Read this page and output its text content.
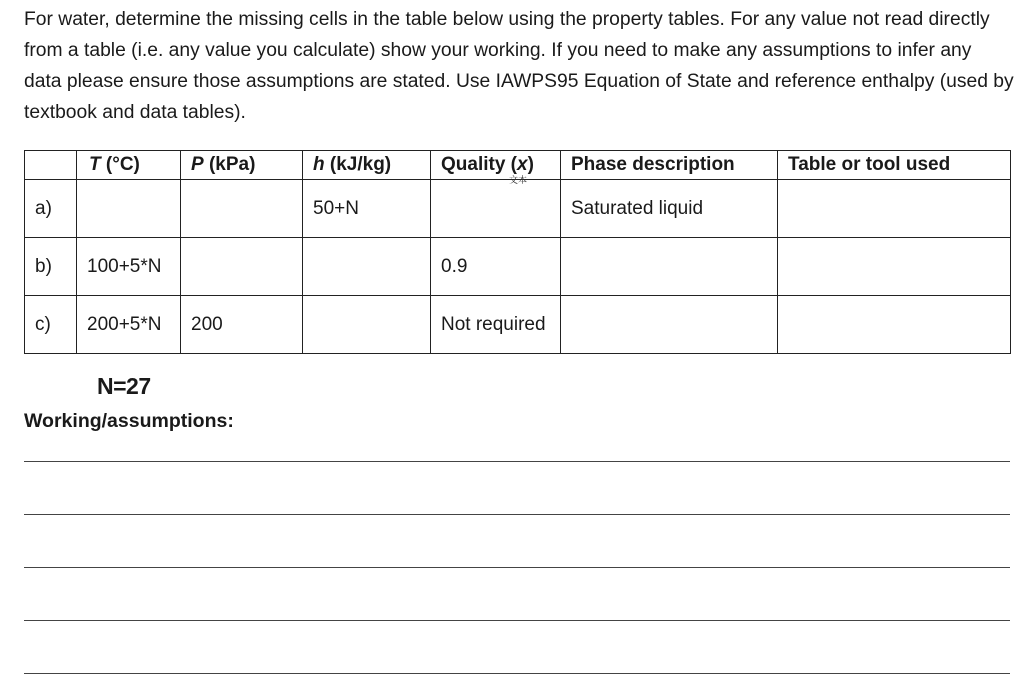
For water, determine the missing cells in the table below using the property tables. For any value not read directly from a table (i.e. any value you calculate) show your working. If you need to make any assumptions to infer any data please ensure those assumptions are stated. Use IAWPS95 Equation of State and reference enthalpy (used by textbook and data tables).
	T (°C)	P (kPa)	h (kJ/kg)	Quality (x)	Phase description	Table or tool used
a)			50+N		Saturated liquid	
b)	100+5*N			0.9		
c)	200+5*N	200		Not required		
文本
N=27
Working/assumptions:
